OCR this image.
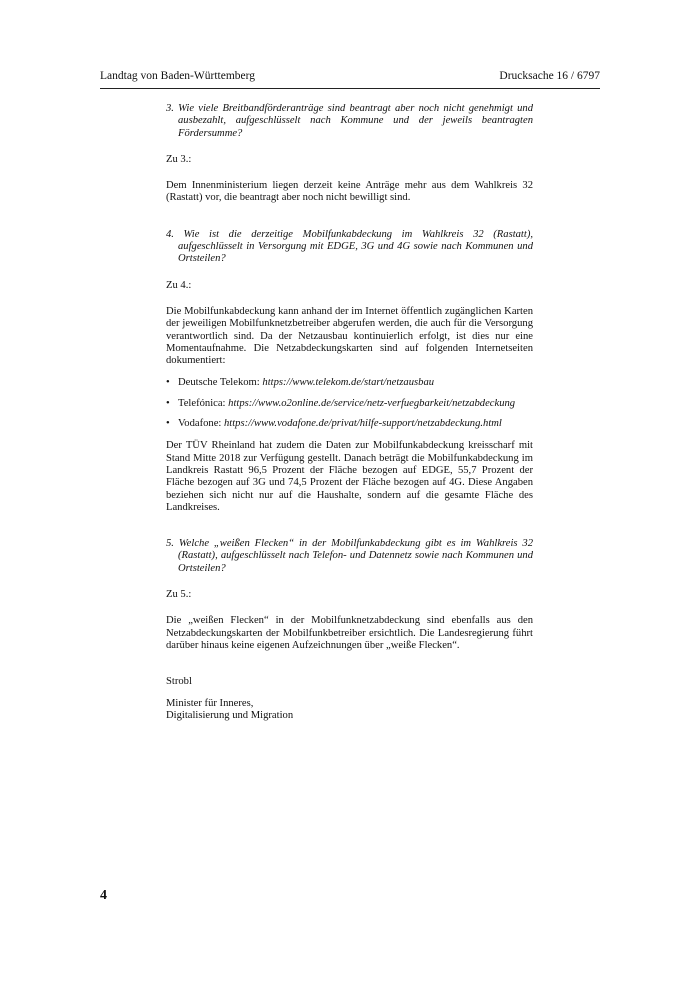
Landtag von Baden-Württemberg	Drucksache 16 / 6797

3. Wie viele Breitbandförderanträge sind beantragt aber noch nicht genehmigt und ausbezahlt, aufgeschlüsselt nach Kommune und der jeweils beantragten Fördersumme?

Zu 3.:

Dem Innenministerium liegen derzeit keine Anträge mehr aus dem Wahlkreis 32 (Rastatt) vor, die beantragt aber noch nicht bewilligt sind.

4. Wie ist die derzeitige Mobilfunkabdeckung im Wahlkreis 32 (Rastatt), aufgeschlüsselt in Versorgung mit EDGE, 3G und 4G sowie nach Kommunen und Ortsteilen?

Zu 4.:

Die Mobilfunkabdeckung kann anhand der im Internet öffentlich zugänglichen Karten der jeweiligen Mobilfunknetzbetreiber abgerufen werden, die auch für die Versorgung verantwortlich sind. Da der Netzausbau kontinuierlich erfolgt, ist dies nur eine Momentaufnahme. Die Netzabdeckungskarten sind auf folgenden Internetseiten dokumentiert:

• Deutsche Telekom: https://www.telekom.de/start/netzausbau
• Telefónica: https://www.o2online.de/service/netz-verfuegbarkeit/netzabdeckung
• Vodafone: https://www.vodafone.de/privat/hilfe-support/netzabdeckung.html

Der TÜV Rheinland hat zudem die Daten zur Mobilfunkabdeckung kreisscharf mit Stand Mitte 2018 zur Verfügung gestellt. Danach beträgt die Mobilfunkabdeckung im Landkreis Rastatt 96,5 Prozent der Fläche bezogen auf EDGE, 55,7 Prozent der Fläche bezogen auf 3G und 74,5 Prozent der Fläche bezogen auf 4G. Diese Angaben beziehen sich nicht nur auf die Haushalte, sondern auf die gesamte Fläche des Landkreises.

5. Welche „weißen Flecken“ in der Mobilfunkabdeckung gibt es im Wahlkreis 32 (Rastatt), aufgeschlüsselt nach Telefon- und Datennetz sowie nach Kommunen und Ortsteilen?

Zu 5.:

Die „weißen Flecken“ in der Mobilfunknetzabdeckung sind ebenfalls aus den Netzabdeckungskarten der Mobilfunkbetreiber ersichtlich. Die Landesregierung führt darüber hinaus keine eigenen Aufzeichnungen über „weiße Flecken“.

Strobl

Minister für Inneres,

Digitalisierung und Migration

4
